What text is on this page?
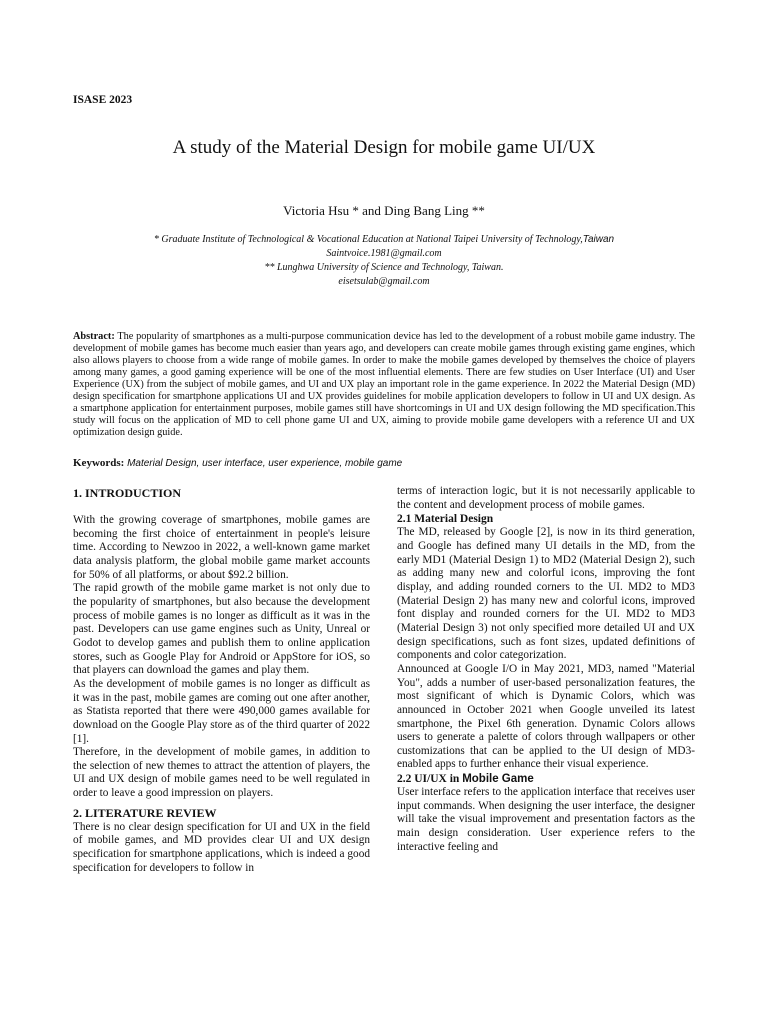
ISASE 2023
A study of the Material Design for mobile game UI/UX
Victoria Hsu * and Ding Bang Ling **
* Graduate Institute of Technological & Vocational Education at National Taipei University of Technology,Taiwan
Saintvoice.1981@gmail.com
** Lunghwa University of Science and Technology, Taiwan.
eisetsulab@gmail.com
Abstract: The popularity of smartphones as a multi-purpose communication device has led to the development of a robust mobile game industry. The development of mobile games has become much easier than years ago, and developers can create mobile games through existing game engines, which also allows players to choose from a wide range of mobile games. In order to make the mobile games developed by themselves the choice of players among many games, a good gaming experience will be one of the most influential elements. There are few studies on User Interface (UI) and User Experience (UX) from the subject of mobile games, and UI and UX play an important role in the game experience. In 2022 the Material Design (MD) design specification for smartphone applications UI and UX provides guidelines for mobile application developers to follow in UI and UX design. As a smartphone application for entertainment purposes, mobile games still have shortcomings in UI and UX design following the MD specification.This study will focus on the application of MD to cell phone game UI and UX, aiming to provide mobile game developers with a reference UI and UX optimization design guide.
Keywords: Material Design, user interface, user experience, mobile game
1. INTRODUCTION

With the growing coverage of smartphones, mobile games are becoming the first choice of entertainment in people's leisure time. According to Newzoo in 2022, a well-known game market data analysis platform, the global mobile game market accounts for 50% of all platforms, or about $92.2 billion.

The rapid growth of the mobile game market is not only due to the popularity of smartphones, but also because the development process of mobile games is no longer as difficult as it was in the past. Developers can use game engines such as Unity, Unreal or Godot to develop games and publish them to online application stores, such as Google Play for Android or AppStore for iOS, so that players can download the games and play them.

As the development of mobile games is no longer as difficult as it was in the past, mobile games are coming out one after another, as Statista reported that there were 490,000 games available for download on the Google Play store as of the third quarter of 2022 [1].

Therefore, in the development of mobile games, in addition to the selection of new themes to attract the attention of players, the UI and UX design of mobile games need to be well regulated in order to leave a good impression on players.

2. LITERATURE REVIEW

There is no clear design specification for UI and UX in the field of mobile games, and MD provides clear UI and UX design specification for smartphone applications, which is indeed a good specification for developers to follow in

terms of interaction logic, but it is not necessarily applicable to the content and development process of mobile games.

2.1 Material Design

The MD, released by Google [2], is now in its third generation, and Google has defined many UI details in the MD, from the early MD1 (Material Design 1) to MD2 (Material Design 2), such as adding many new and colorful icons, improving the font display, and adding rounded corners to the UI. MD2 to MD3 (Material Design 2) has many new and colorful icons, improved font display and rounded corners for the UI. MD2 to MD3 (Material Design 3) not only specified more detailed UI and UX design specifications, such as font sizes, updated definitions of components and color categorization.

Announced at Google I/O in May 2021, MD3, named "Material You", adds a number of user-based personalization features, the most significant of which is Dynamic Colors, which was announced in October 2021 when Google unveiled its latest smartphone, the Pixel 6th generation. Dynamic Colors allows users to generate a palette of colors through wallpapers or other customizations that can be applied to the UI design of MD3-enabled apps to further enhance their visual experience.

2.2 UI/UX in Mobile Game

User interface refers to the application interface that receives user input commands. When designing the user interface, the designer will take the visual improvement and presentation factors as the main design consideration. User experience refers to the interactive feeling and
